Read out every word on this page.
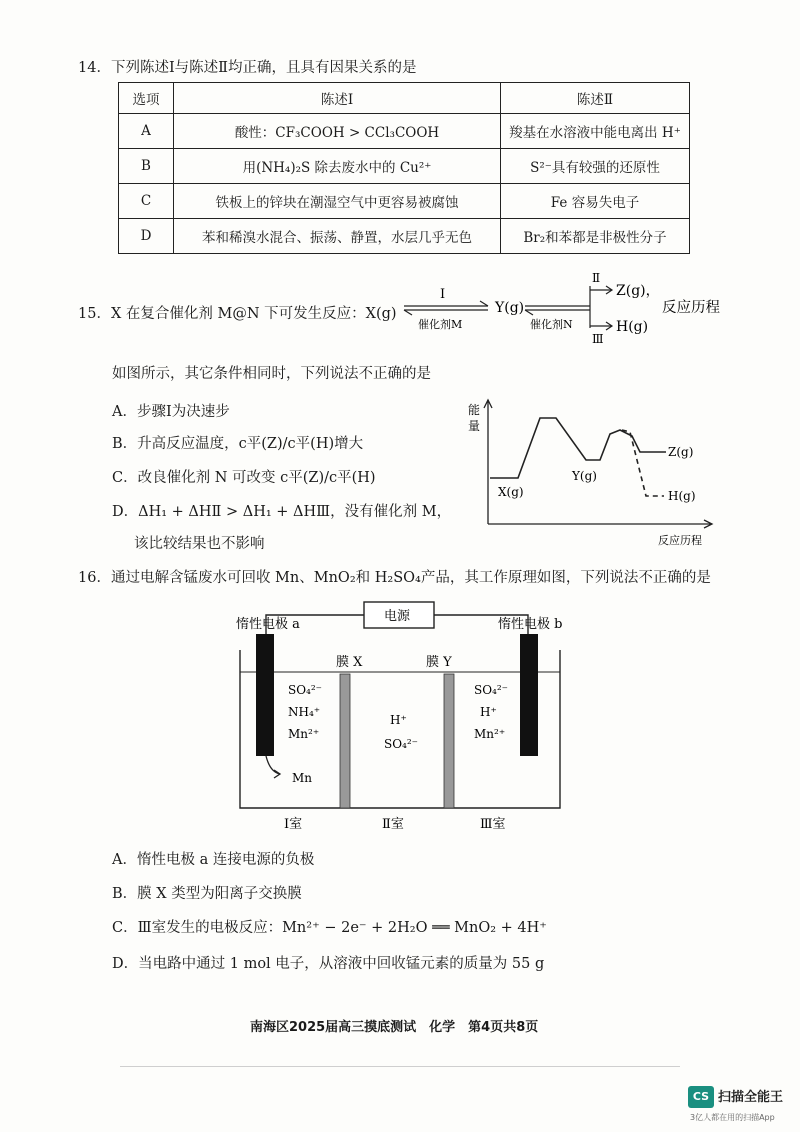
14．下列陈述Ⅰ与陈述Ⅱ均正确，且具有因果关系的是
选项	陈述Ⅰ	陈述Ⅱ
A	酸性：CF₃COOH > CCl₃COOH	羧基在水溶液中能电离出 H⁺
B	用(NH₄)₂S 除去废水中的 Cu²⁺	S²⁻具有较强的还原性
C	铁板上的锌块在潮湿空气中更容易被腐蚀	Fe 容易失电子
D	苯和稀溴水混合、振荡、静置，水层几乎无色	Br₂和苯都是非极性分子
15．X 在复合催化剂 M@N 下可发生反应：X(g)
Ⅰ
催化剂M
Y(g)
催化剂N
Ⅱ
Ⅲ
Z(g)，
H(g)
反应历程
如图所示，其它条件相同时，下列说法不正确的是
A．步骤Ⅰ为决速步
B．升高反应温度，c平(Z)/c平(H)增大
C．改良催化剂 N 可改变 c平(Z)/c平(H)
D．ΔH₁ + ΔHⅡ > ΔH₁ + ΔHⅢ，没有催化剂 M，
该比较结果也不影响
能
量
反应历程
X(g)
Y(g)
Z(g)
H(g)
16．通过电解含锰废水可回收 Mn、MnO₂和 H₂SO₄产品，其工作原理如图，下列说法不正确的是
电源
惰性电极 a	惰性电极 b
膜 X	膜 Y
SO₄²⁻
NH₄⁺
Mn²⁺
Mn
H⁺
SO₄²⁻
SO₄²⁻
H⁺
Mn²⁺
Ⅰ室	Ⅱ室	Ⅲ室
A．惰性电极 a 连接电源的负极
B．膜 X 类型为阳离子交换膜
C．Ⅲ室发生的电极反应：Mn²⁺ − 2e⁻ + 2H₂O ══ MnO₂ + 4H⁺
D．当电路中通过 1 mol 电子，从溶液中回收锰元素的质量为 55 g
南海区2025届高三摸底测试　化学　第4页共8页
CS 扫描全能王
3亿人都在用的扫描App
